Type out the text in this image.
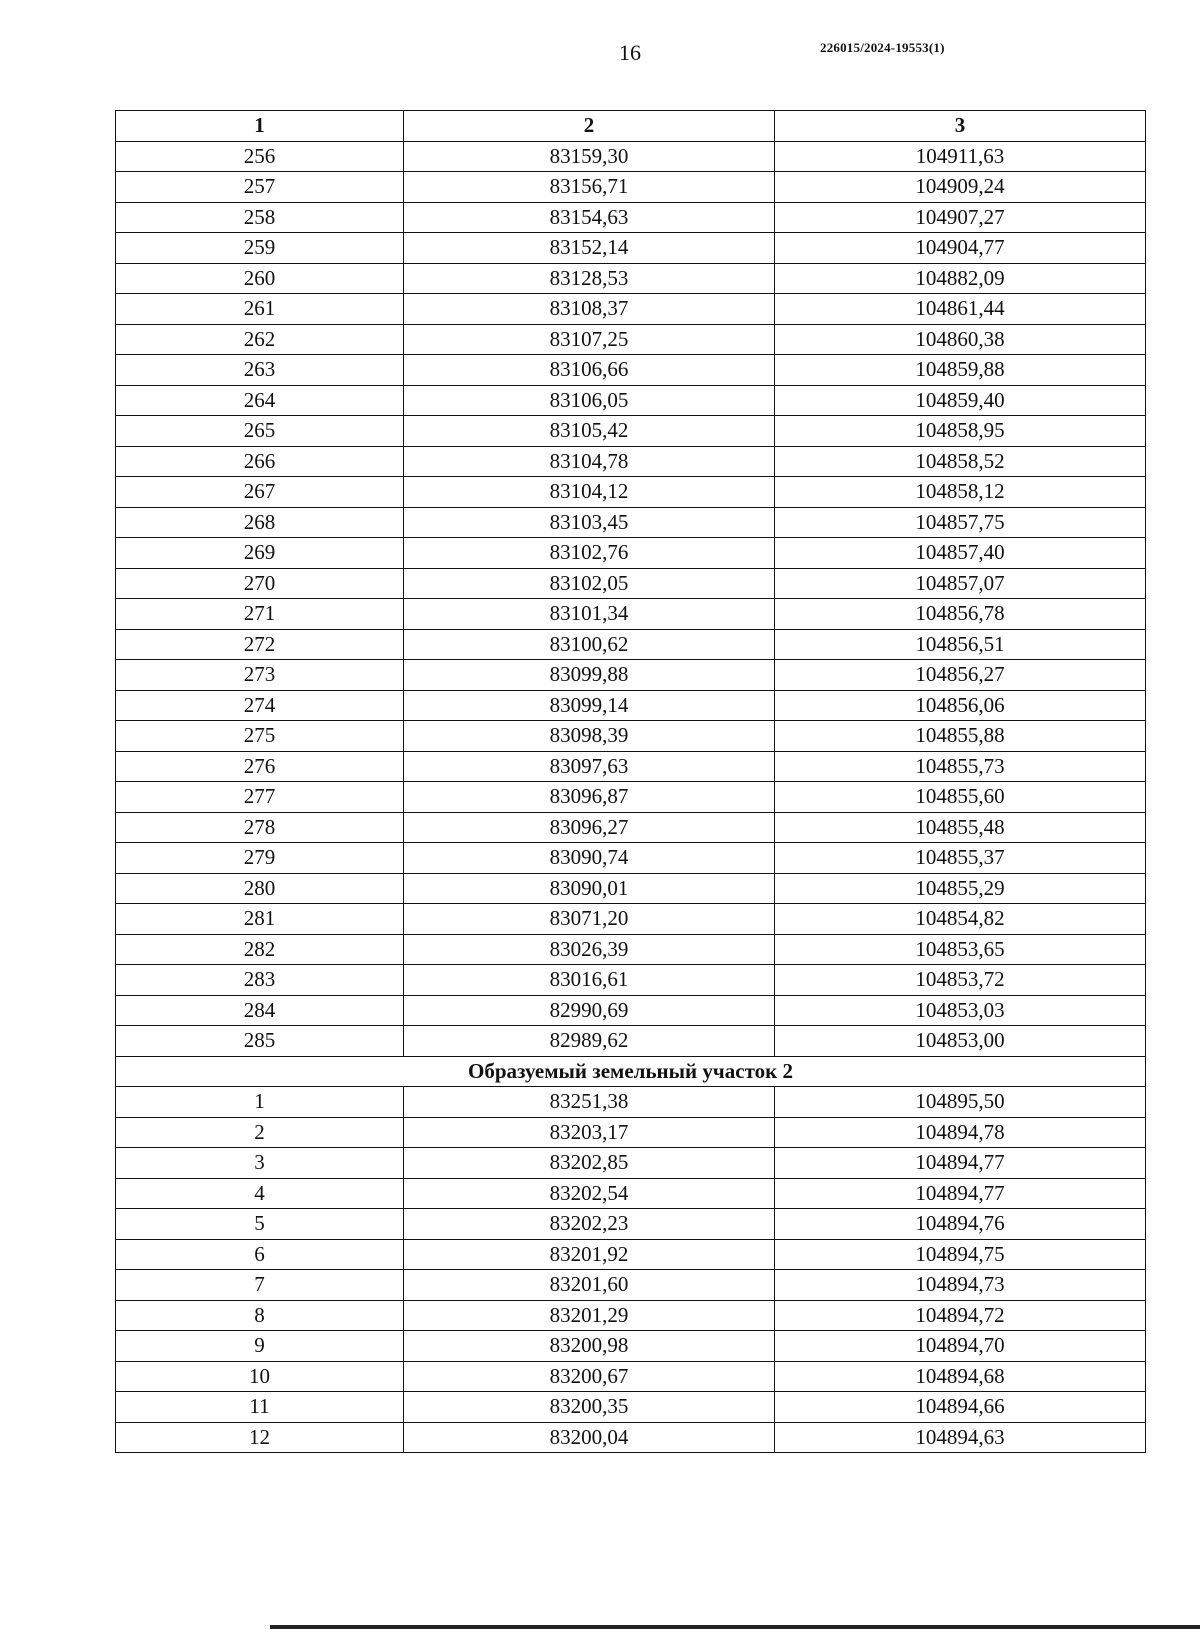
16	226015/2024-19553(1)
1	2	3
256	83159,30	104911,63
257	83156,71	104909,24
258	83154,63	104907,27
259	83152,14	104904,77
260	83128,53	104882,09
261	83108,37	104861,44
262	83107,25	104860,38
263	83106,66	104859,88
264	83106,05	104859,40
265	83105,42	104858,95
266	83104,78	104858,52
267	83104,12	104858,12
268	83103,45	104857,75
269	83102,76	104857,40
270	83102,05	104857,07
271	83101,34	104856,78
272	83100,62	104856,51
273	83099,88	104856,27
274	83099,14	104856,06
275	83098,39	104855,88
276	83097,63	104855,73
277	83096,87	104855,60
278	83096,27	104855,48
279	83090,74	104855,37
280	83090,01	104855,29
281	83071,20	104854,82
282	83026,39	104853,65
283	83016,61	104853,72
284	82990,69	104853,03
285	82989,62	104853,00
Образуемый земельный участок 2		
1	83251,38	104895,50
2	83203,17	104894,78
3	83202,85	104894,77
4	83202,54	104894,77
5	83202,23	104894,76
6	83201,92	104894,75
7	83201,60	104894,73
8	83201,29	104894,72
9	83200,98	104894,70
10	83200,67	104894,68
11	83200,35	104894,66
12	83200,04	104894,63
